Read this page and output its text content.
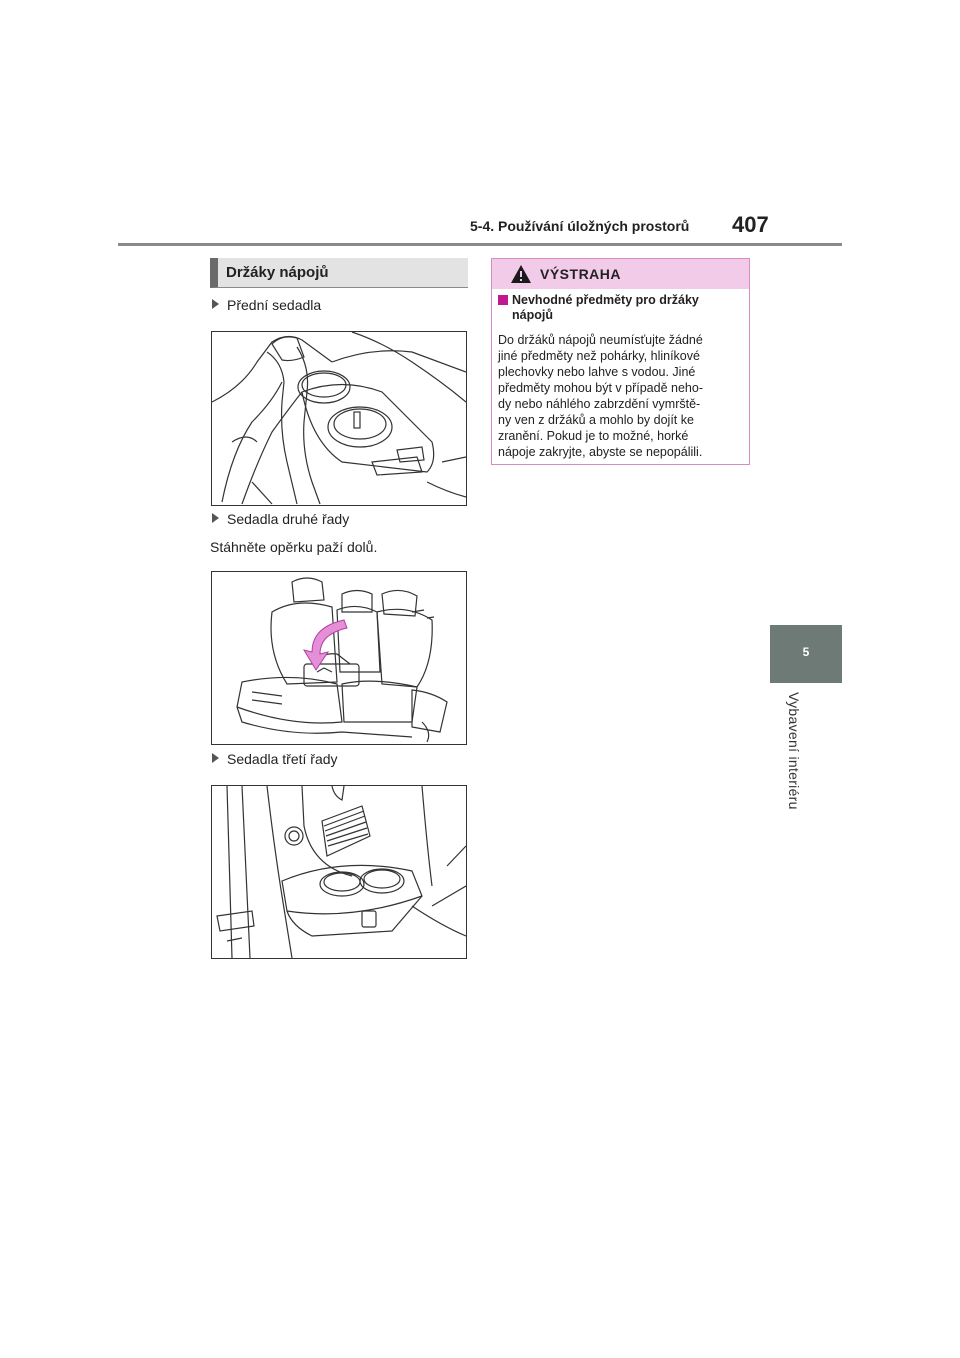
5-4. Používání úložných prostorů 407
5
Vybavení interiéru
Držáky nápojů
Přední sedadla
Sedadla druhé řady
Stáhněte opěrku paží dolů.
Sedadla třetí řady
VÝSTRAHA
Nevhodné předměty pro držáky nápojů
Do držáků nápojů neumísťujte žádné
jiné předměty než pohárky, hliníkové
plechovky nebo lahve s vodou. Jiné
předměty mohou být v případě neho-
dy nebo náhlého zabrzdění vymrště-
ny ven z držáků a mohlo by dojít ke
zranění. Pokud je to možné, horké
nápoje zakryjte, abyste se nepopálili.
